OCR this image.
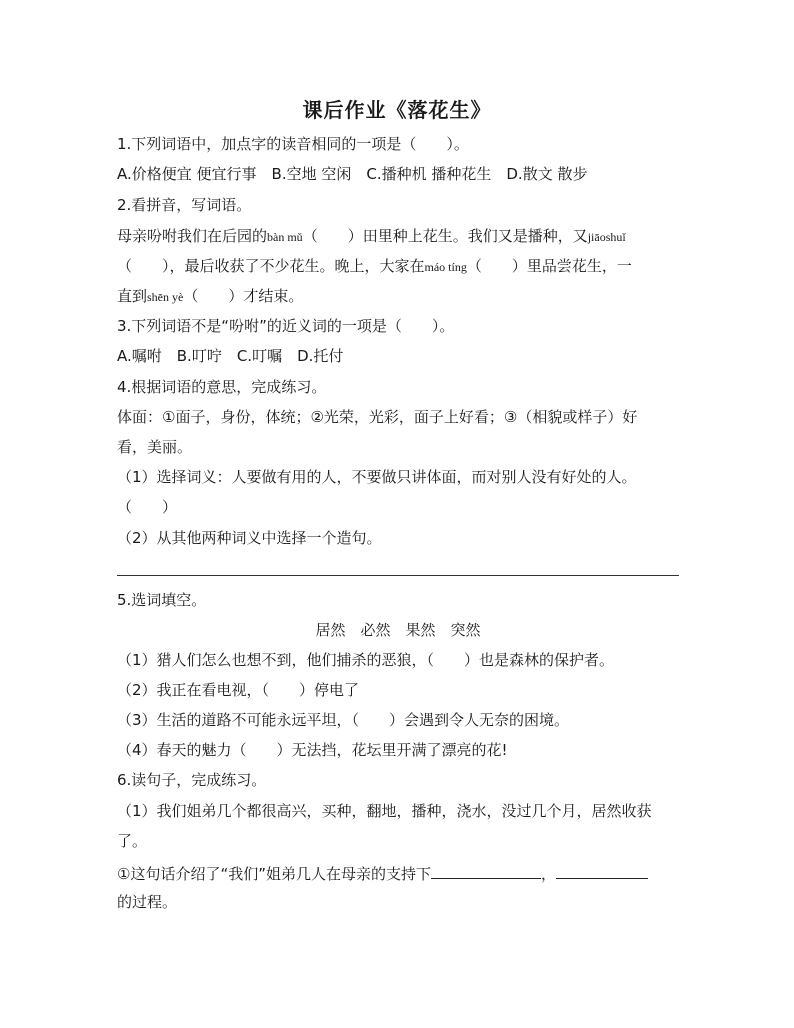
课后作业《落花生》
1.下列词语中，加点字的读音相同的一项是（　　）。
A.价格便宜 便宜行事　B.空地 空闲　C.播种机 播种花生　D.散文 散步
2.看拼音，写词语。
母亲吩咐我们在后园的bàn mǔ（　　）田里种上花生。我们又是播种，又jiāoshuǐ
（　　），最后收获了不少花生。晚上，大家在máo tíng（　　）里品尝花生，一
直到shēn yè（　　）才结束。
3.下列词语不是“吩咐”的近义词的一项是（　　）。
A.嘱咐　B.叮咛　C.叮嘱　D.托付
4.根据词语的意思，完成练习。
体面：①面子，身份，体统；②光荣，光彩，面子上好看；③（相貌或样子）好
看，美丽。
（1）选择词义：人要做有用的人，不要做只讲体面，而对别人没有好处的人。
（　　）
（2）从其他两种词义中选择一个造句。
5.选词填空。
居然　必然　果然　突然
（1）猎人们怎么也想不到，他们捕杀的恶狼，（　　）也是森林的保护者。
（2）我正在看电视，（　　）停电了
（3）生活的道路不可能永远平坦，（　　）会遇到令人无奈的困境。
（4）春天的魅力（　　）无法挡，花坛里开满了漂亮的花!
6.读句子，完成练习。
（1）我们姐弟几个都很高兴，买种，翻地，播种，浇水，没过几个月，居然收获
了。
①这句话介绍了“我们”姐弟几人在母亲的支持下	，
的过程。
